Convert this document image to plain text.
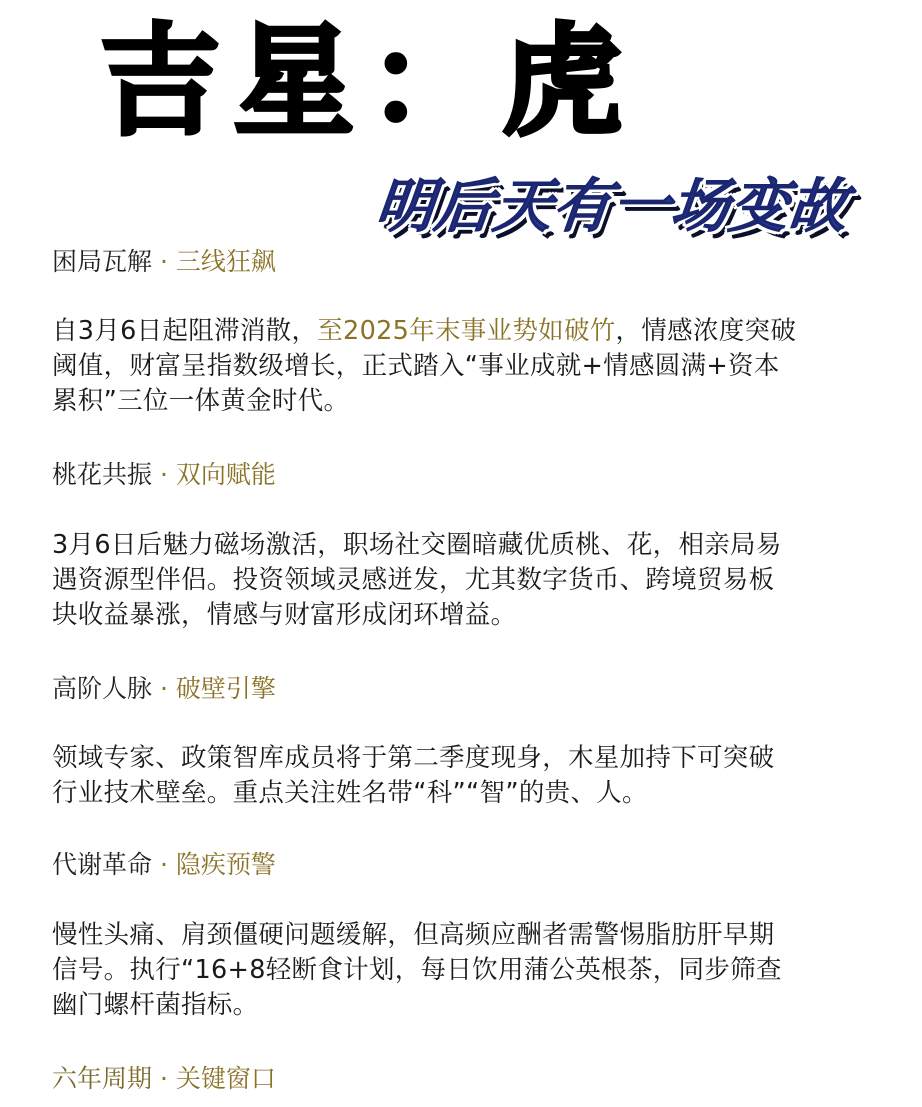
吉星：虎
明后天有一场变故
困局瓦解 · 三线狂飙
自3月6日起阻滞消散，至2025年末事业势如破竹，情感浓度突破
阈值，财富呈指数级增长，正式踏入“事业成就+情感圆满+资本
累积”三位一体黄金时代。
桃花共振 · 双向赋能
3月6日后魅力磁场激活，职场社交圈暗藏优质桃、花，相亲局易
遇资源型伴侣。投资领域灵感迸发，尤其数字货币、跨境贸易板
块收益暴涨，情感与财富形成闭环增益。
高阶人脉 · 破壁引擎
领域专家、政策智库成员将于第二季度现身，木星加持下可突破
行业技术壁垒。重点关注姓名带“科”“智”的贵、人。
代谢革命 · 隐疾预警
慢性头痛、肩颈僵硬问题缓解，但高频应酬者需警惕脂肪肝早期
信号。执行“16+8轻断食计划，每日饮用蒲公英根茶，同步筛查
幽门螺杆菌指标。
六年周期 · 关键窗口
